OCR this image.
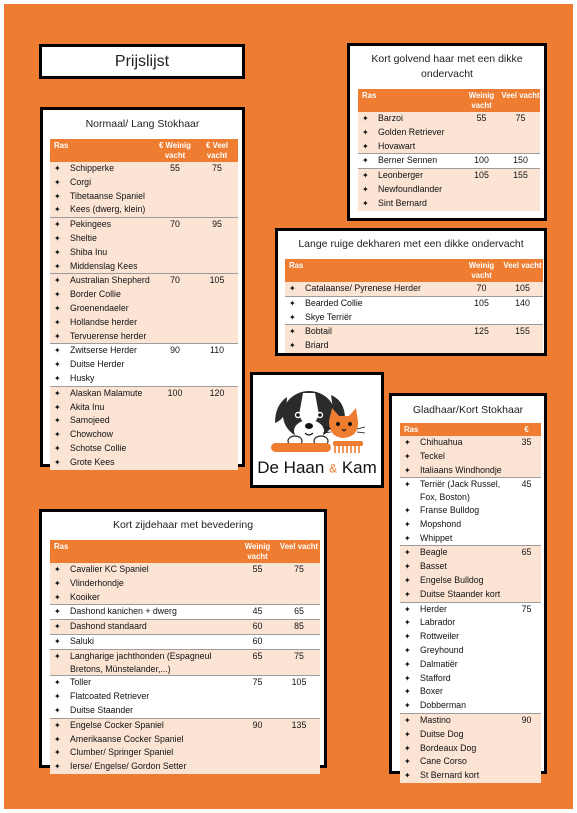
Prijslijst
Normaal/ Lang Stokhaar
Ras	€ Weinig vacht	€ Veel vacht
✦ Schipperke	55	75
✦ Corgi		
✦ Tibetaanse Spaniel		
✦ Kees (dwerg, klein)		
✦ Pekingees	70	95
✦ Sheltie		
✦ Shiba Inu		
✦ Middenslag Kees		
✦ Australian Shepherd	70	105
✦ Border Collie		
✦ Groenendaeler		
✦ Hollandse herder		
✦ Tervuerense herder		
✦ Zwitserse Herder	90	110
✦ Duitse Herder		
✦ Husky		
✦ Alaskan Malamute	100	120
✦ Akita Inu		
✦ Samojeed		
✦ Chowchow		
✦ Schotse Collie		
✦ Grote Kees		
Kort golvend haar met een dikke ondervacht
Ras	Weinig vacht	Veel vacht
✦ Barzoi	55	75
✦ Golden Retriever		
✦ Hovawart		
✦ Berner Sennen	100	150
✦ Leonberger	105	155
✦ Newfoundlander		
✦ Sint Bernard		
Lange ruige dekharen met een dikke ondervacht
Ras	Weinig vacht	Veel vacht
✦ Catalaanse/ Pyrenese Herder	70	105
✦ Bearded Collie	105	140
✦ Skye Terriër		
✦ Bobtail	125	155
✦ Briard		
De Haan & Kam
Gladhaar/Kort Stokhaar
Ras	€
✦ Chihuahua	35
✦ Teckel	
✦ Italiaans Windhondje	
✦ Terriër (Jack Russel, Fox, Boston)	45
✦ Franse Bulldog	
✦ Mopshond	
✦ Whippet	
✦ Beagle	65
✦ Basset	
✦ Engelse Bulldog	
✦ Duitse Staander kort	
✦ Herder	75
✦ Labrador	
✦ Rottweiler	
✦ Greyhound	
✦ Dalmatiër	
✦ Stafford	
✦ Boxer	
✦ Dobberman	
✦ Mastino	90
✦ Duitse Dog	
✦ Bordeaux Dog	
✦ Cane Corso	
✦ St Bernard kort	
Kort zijdehaar met bevedering
Ras	Weinig vacht	Veel vacht
✦ Cavalier KC Spaniel	55	75
✦ Vlinderhondje		
✦ Kooiker		
✦ Dashond kanichen + dwerg	45	65
✦ Dashond standaard	60	85
✦ Saluki	60	
✦ Langharige jachthonden (Espagneul Bretons, Münstelander,...)	65	75
✦ Toller	75	105
✦ Flatcoated Retriever		
✦ Duitse Staander		
✦ Engelse Cocker Spaniel	90	135
✦ Amerikaanse Cocker Spaniel		
✦ Clumber/ Springer Spaniel		
✦ Ierse/ Engelse/ Gordon Setter		
